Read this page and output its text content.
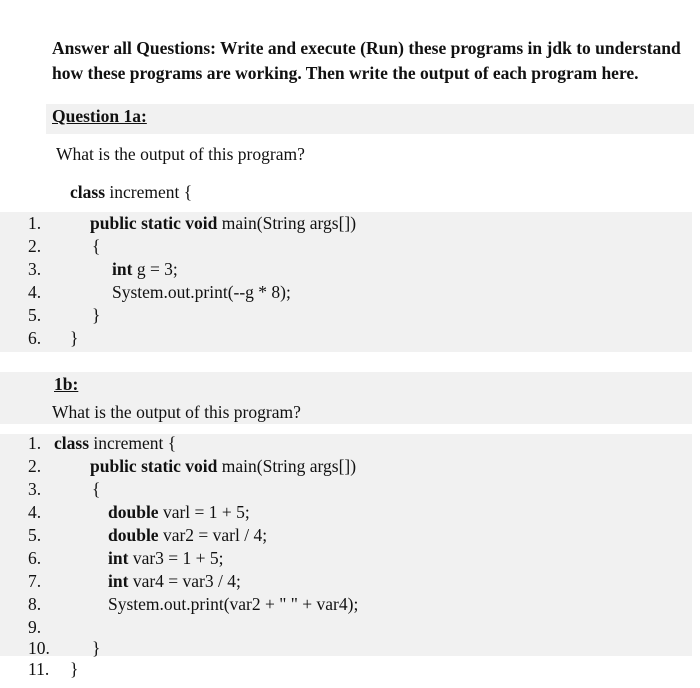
Answer all Questions: Write and execute (Run) these programs in jdk to understand
how these programs are working. Then write the output of each program here.
Question 1a:
What is the output of this program?
class increment {
1.	public static void main(String args[])
2.	{
3.	int g = 3;
4.	System.out.print(--g * 8);
5.	}
6. }
1b:
What is the output of this program?
1. class increment {
2.	public static void main(String args[])
3.	{
4.	double varl = 1 + 5;
5.	double var2 = varl / 4;
6.	int var3 = 1 + 5;
7.	int var4 = var3 / 4;
8.	System.out.print(var2 + " " + var4);
9.
10. }
11. }
